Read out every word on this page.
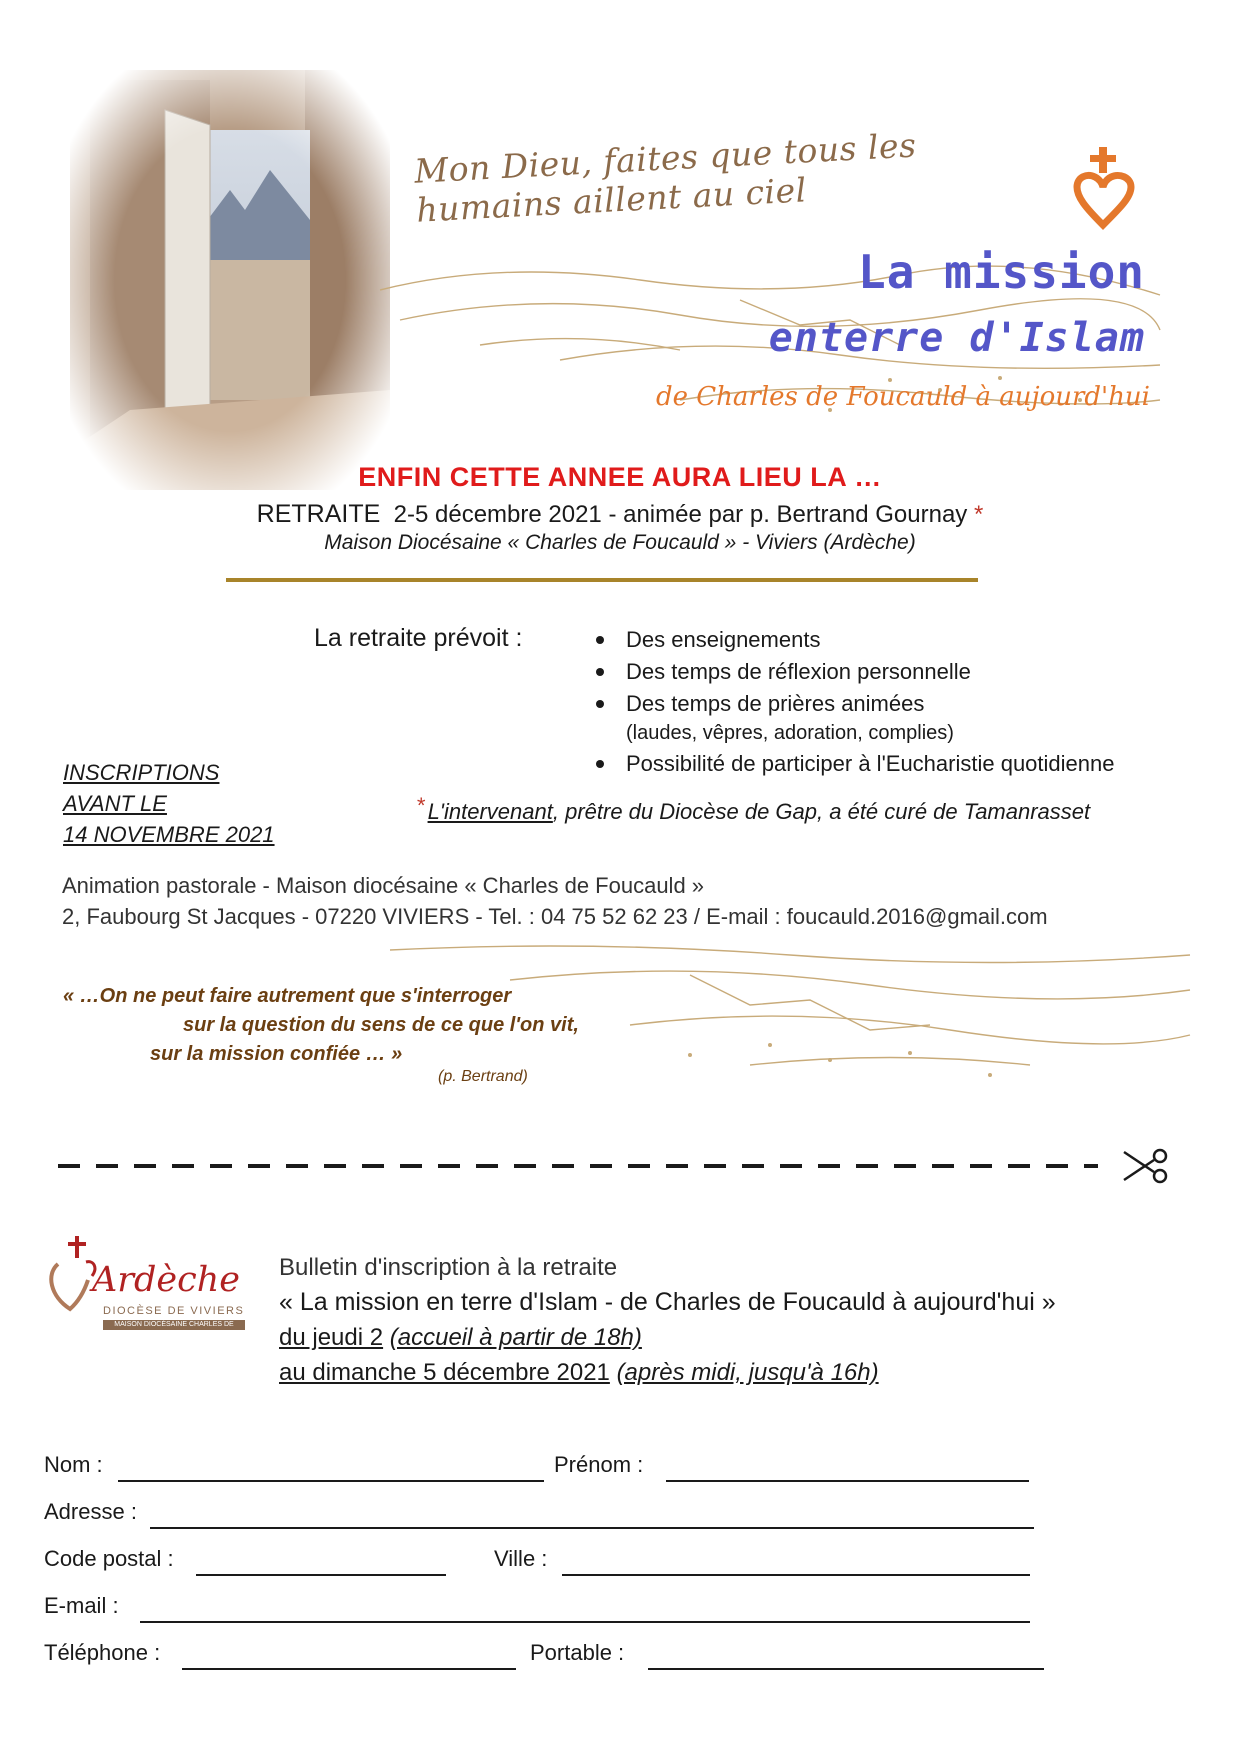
Mon Dieu, faites que tous les humains aillent au ciel
La mission
enterre d'Islam
de Charles de Foucauld à aujourd'hui
ENFIN CETTE ANNEE AURA LIEU LA …
RETRAITE 2-5 décembre 2021 - animée par p. Bertrand Gournay *
Maison Diocésaine « Charles de Foucauld » - Viviers (Ardèche)
La retraite prévoit :	Des enseignements
Des temps de réflexion personnelle
Des temps de prières animées
(laudes, vêpres, adoration, complies)
Possibilité de participer à l'Eucharistie quotidienne
INSCRIPTIONS
AVANT LE
14 NOVEMBRE 2021
* L'intervenant, prêtre du Diocèse de Gap, a été curé de Tamanrasset
Animation pastorale - Maison diocésaine « Charles de Foucauld »
2, Faubourg St Jacques - 07220 VIVIERS - Tel. : 04 75 52 62 23 / E-mail : foucauld.2016@gmail.com
« …On ne peut faire autrement que s'interroger
sur la question du sens de ce que l'on vit,
sur la mission confiée … »
(p. Bertrand)
Ardèche
DIOCÈSE DE VIVIERS
MAISON DIOCÉSAINE CHARLES DE FOUCAULD
Bulletin d'inscription à la retraite
« La mission en terre d'Islam - de Charles de Foucauld à aujourd'hui »
du jeudi 2 (accueil à partir de 18h)
au dimanche 5 décembre 2021 (après midi, jusqu'à 16h)
Nom :	Prénom :
Adresse :
Code postal :	Ville :
E-mail :
Téléphone :	Portable :
